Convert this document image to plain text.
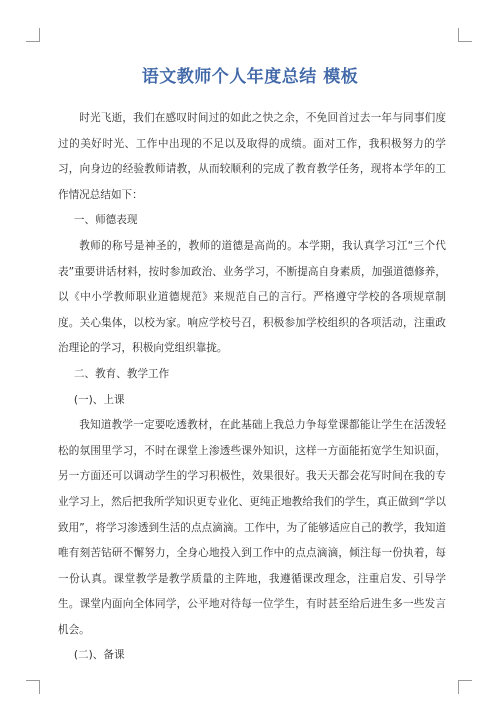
语文教师个人年度总结 模板

时光飞逝，我们在感叹时间过的如此之快之余，不免回首过去一年与同事们度过的美好时光、工作中出现的不足以及取得的成绩。面对工作，我积极努力的学习，向身边的经验教师请教，从而较顺利的完成了教育教学任务，现将本学年的工作情况总结如下：

一、师德表现

教师的称号是神圣的，教师的道德是高尚的。本学期，我认真学习江“三个代表”重要讲话材料，按时参加政治、业务学习，不断提高自身素质，加强道德修养，以《中小学教师职业道德规范》来规范自己的言行。严格遵守学校的各项规章制度。关心集体，以校为家。响应学校号召，积极参加学校组织的各项活动，注重政治理论的学习，积极向党组织靠拢。

二、教育、教学工作

(一)、上课

我知道教学一定要吃透教材，在此基础上我总力争每堂课都能让学生在活泼轻松的氛围里学习，不时在课堂上渗透些课外知识，这样一方面能拓宽学生知识面，另一方面还可以调动学生的学习积极性，效果很好。我天天都会花写时间在我的专业学习上，然后把我所学知识更专业化、更纯正地教给我们的学生，真正做到“学以致用”，将学习渗透到生活的点点滴滴。工作中，为了能够适应自己的教学，我知道唯有刻苦钻研不懈努力，全身心地投入到工作中的点点滴滴，倾注每一份执着，每一份认真。课堂教学是教学质量的主阵地，我遵循课改理念，注重启发、引导学生。课堂内面向全体同学，公平地对待每一位学生，有时甚至给后进生多一些发言机会。

(二)、备课
